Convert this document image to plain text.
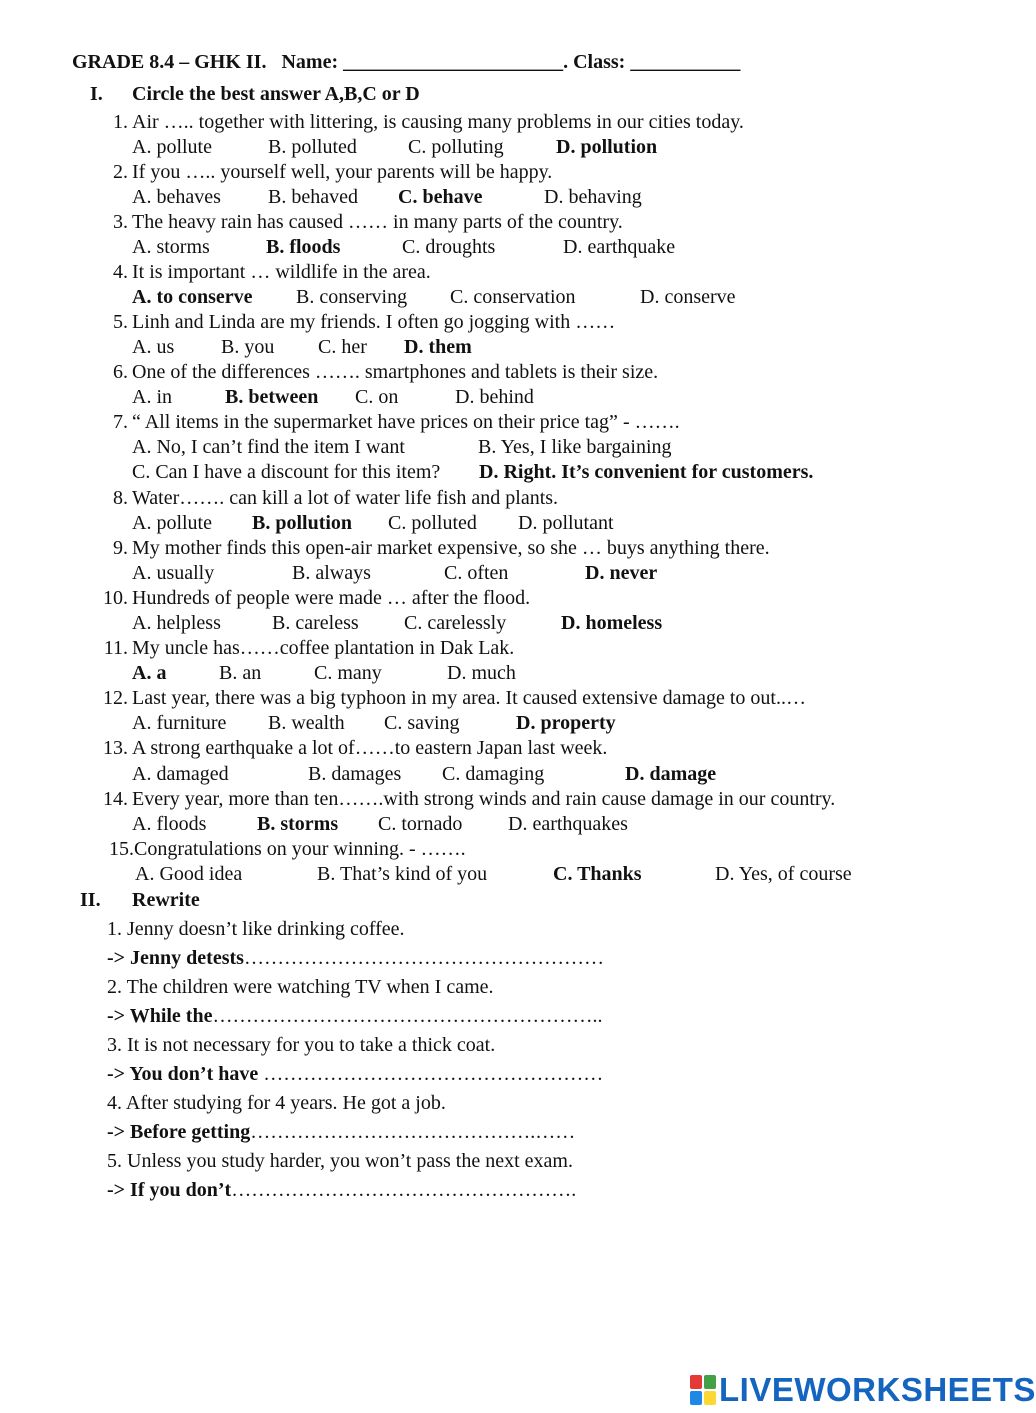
GRADE 8.4 – GHK II. Name: ______________________. Class: ___________
I. Circle the best answer A,B,C or D
1. Air ….. together with littering, is causing many problems in our cities today.
A. pollute	B. polluted	C. polluting	D. pollution
2. If you ….. yourself well, your parents will be happy.
A. behaves B. behaved C. behave	D. behaving
3. The heavy rain has caused …… in many parts of the country.
A. storms	B. floods	C. droughts	D. earthquake
4. It is important … wildlife in the area.
A. to conserve B. conserving C. conservation	D. conserve
5. Linh and Linda are my friends. I often go jogging with ……
A. us B. you C. her D. them
6. One of the differences ……. smartphones and tablets is their size.
A. in	B. between C. on	D. behind
7. “ All items in the supermarket have prices on their price tag” - …….
A. No, I can’t find the item I want	B. Yes, I like bargaining
C. Can I have a discount for this item? D. Right. It’s convenient for customers.
8. Water……. can kill a lot of water life fish and plants.
A. pollute B. pollution C. polluted D. pollutant
9. My mother finds this open-air market expensive, so she … buys anything there.
A. usually	B. always	C. often	D. never
10. Hundreds of people were made … after the flood.
A. helpless	B. careless C. carelessly	D. homeless
11. My uncle has……coffee plantation in Dak Lak.
A. a	B. an	C. many	D. much
12. Last year, there was a big typhoon in my area. It caused extensive damage to out..…
A. furniture B. wealth C. saving	D. property
13. A strong earthquake a lot of……to eastern Japan last week.
A. damaged	B. damages C. damaging	D. damage
14. Every year, more than ten…….with strong winds and rain cause damage in our country.
A. floods	B. storms C. tornado D. earthquakes
15. Congratulations on your winning. - …….
A. Good idea	B. That’s kind of you	C. Thanks	D. Yes, of course
II. Rewrite
1. Jenny doesn’t like drinking coffee.
-> Jenny detests………………………………………………
2. The children were watching TV when I came.
-> While the…………………………………………………..
3. It is not necessary for you to take a thick coat.
-> You don’t have ……………………………………………
4. After studying for 4 years. He got a job.
-> Before getting…………………………………….……
5. Unless you study harder, you won’t pass the next exam.
-> If you don’t…………………………………………….
LIVEWORKSHEETS
